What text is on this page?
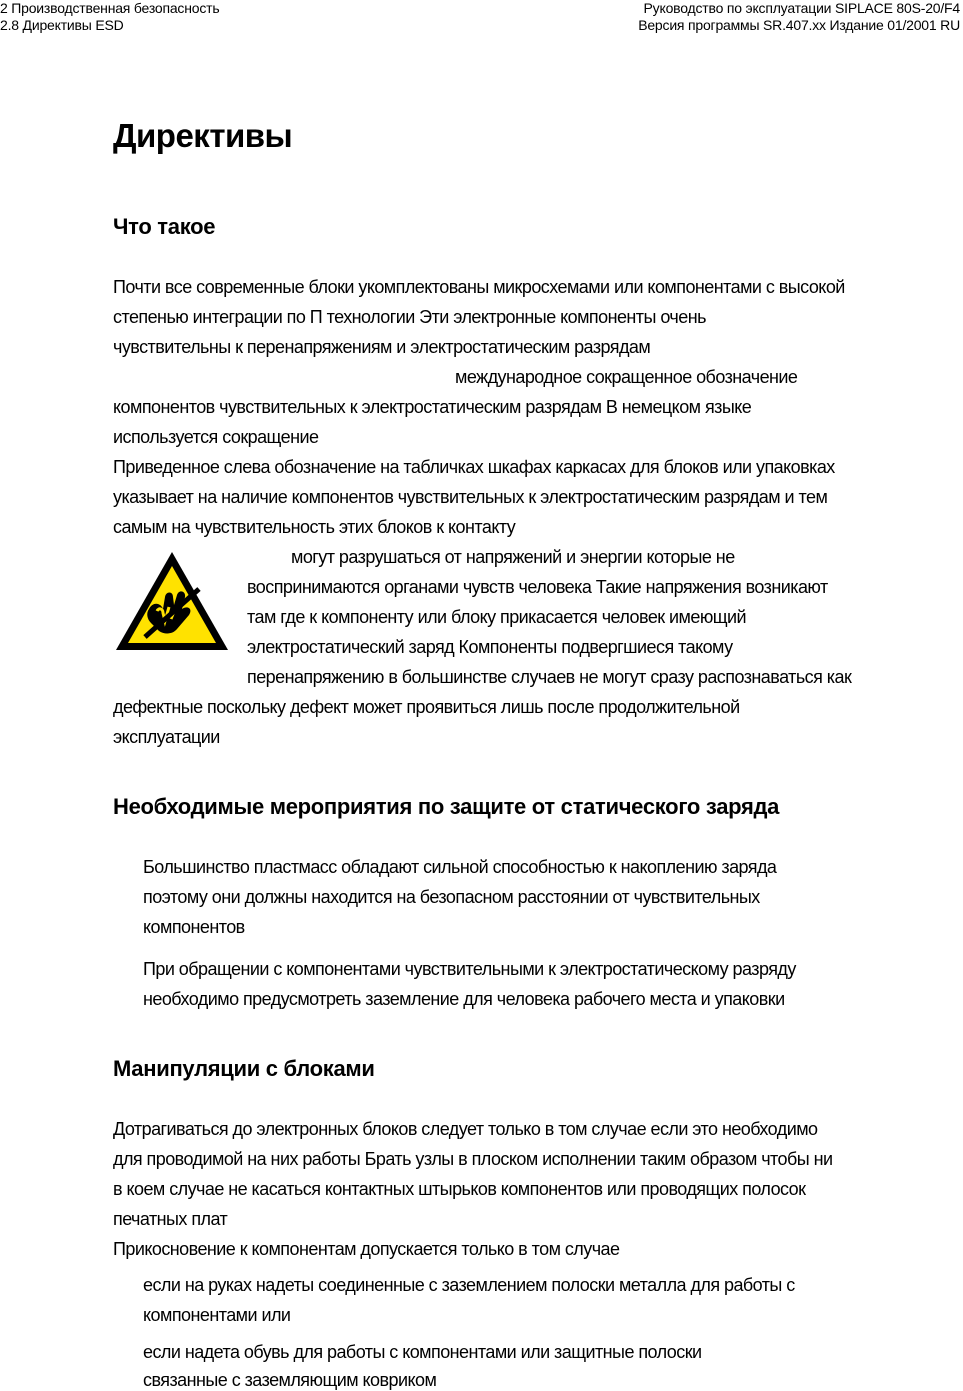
2 Производственная безопасность
2.8 Директивы ESD
Руководство по эксплуатации SIPLACE 80S-20/F4
Версия программы SR.407.xx Издание 01/2001 RU
Директивы
Что такое
Почти все современные блоки укомплектованы микросхемами или компонентами с высокой
степенью интеграции по П технологии Эти электронные компоненты очень
чувствительны к перенапряжениям и электростатическим разрядам
международное сокращенное обозначение
компонентов чувствительных к электростатическим разрядам В немецком языке
используется сокращение
Приведенное слева обозначение на табличках шкафах каркасах для блоков или упаковках
указывает на наличие компонентов чувствительных к электростатическим разрядам и тем
самым на чувствительность этих блоков к контакту
могут разрушаться от напряжений и энергии которые не
воспринимаются органами чувств человека Такие напряжения возникают
там где к компоненту или блоку прикасается человек имеющий
электростатический заряд Компоненты подвергшиеся такому
перенапряжению в большинстве случаев не могут сразу распознаваться как
дефектные поскольку дефект может проявиться лишь после продолжительной
эксплуатации
Необходимые мероприятия по защите от статического заряда
Большинство пластмасс обладают сильной способностью к накоплению заряда
поэтому они должны находится на безопасном расстоянии от чувствительных
компонентов
При обращении с компонентами чувствительными к электростатическому разряду
необходимо предусмотреть заземление для человека рабочего места и упаковки
Манипуляции с блоками
Дотрагиваться до электронных блоков следует только в том случае если это необходимо
для проводимой на них работы Брать узлы в плоском исполнении таким образом чтобы ни
в коем случае не касаться контактных штырьков компонентов или проводящих полосок
печатных плат
Прикосновение к компонентам допускается только в том случае
если на руках надеты соединенные с заземлением полоски металла для работы с
компонентами или
если надета обувь для работы с компонентами или защитные полоски
связанные с заземляющим ковриком
